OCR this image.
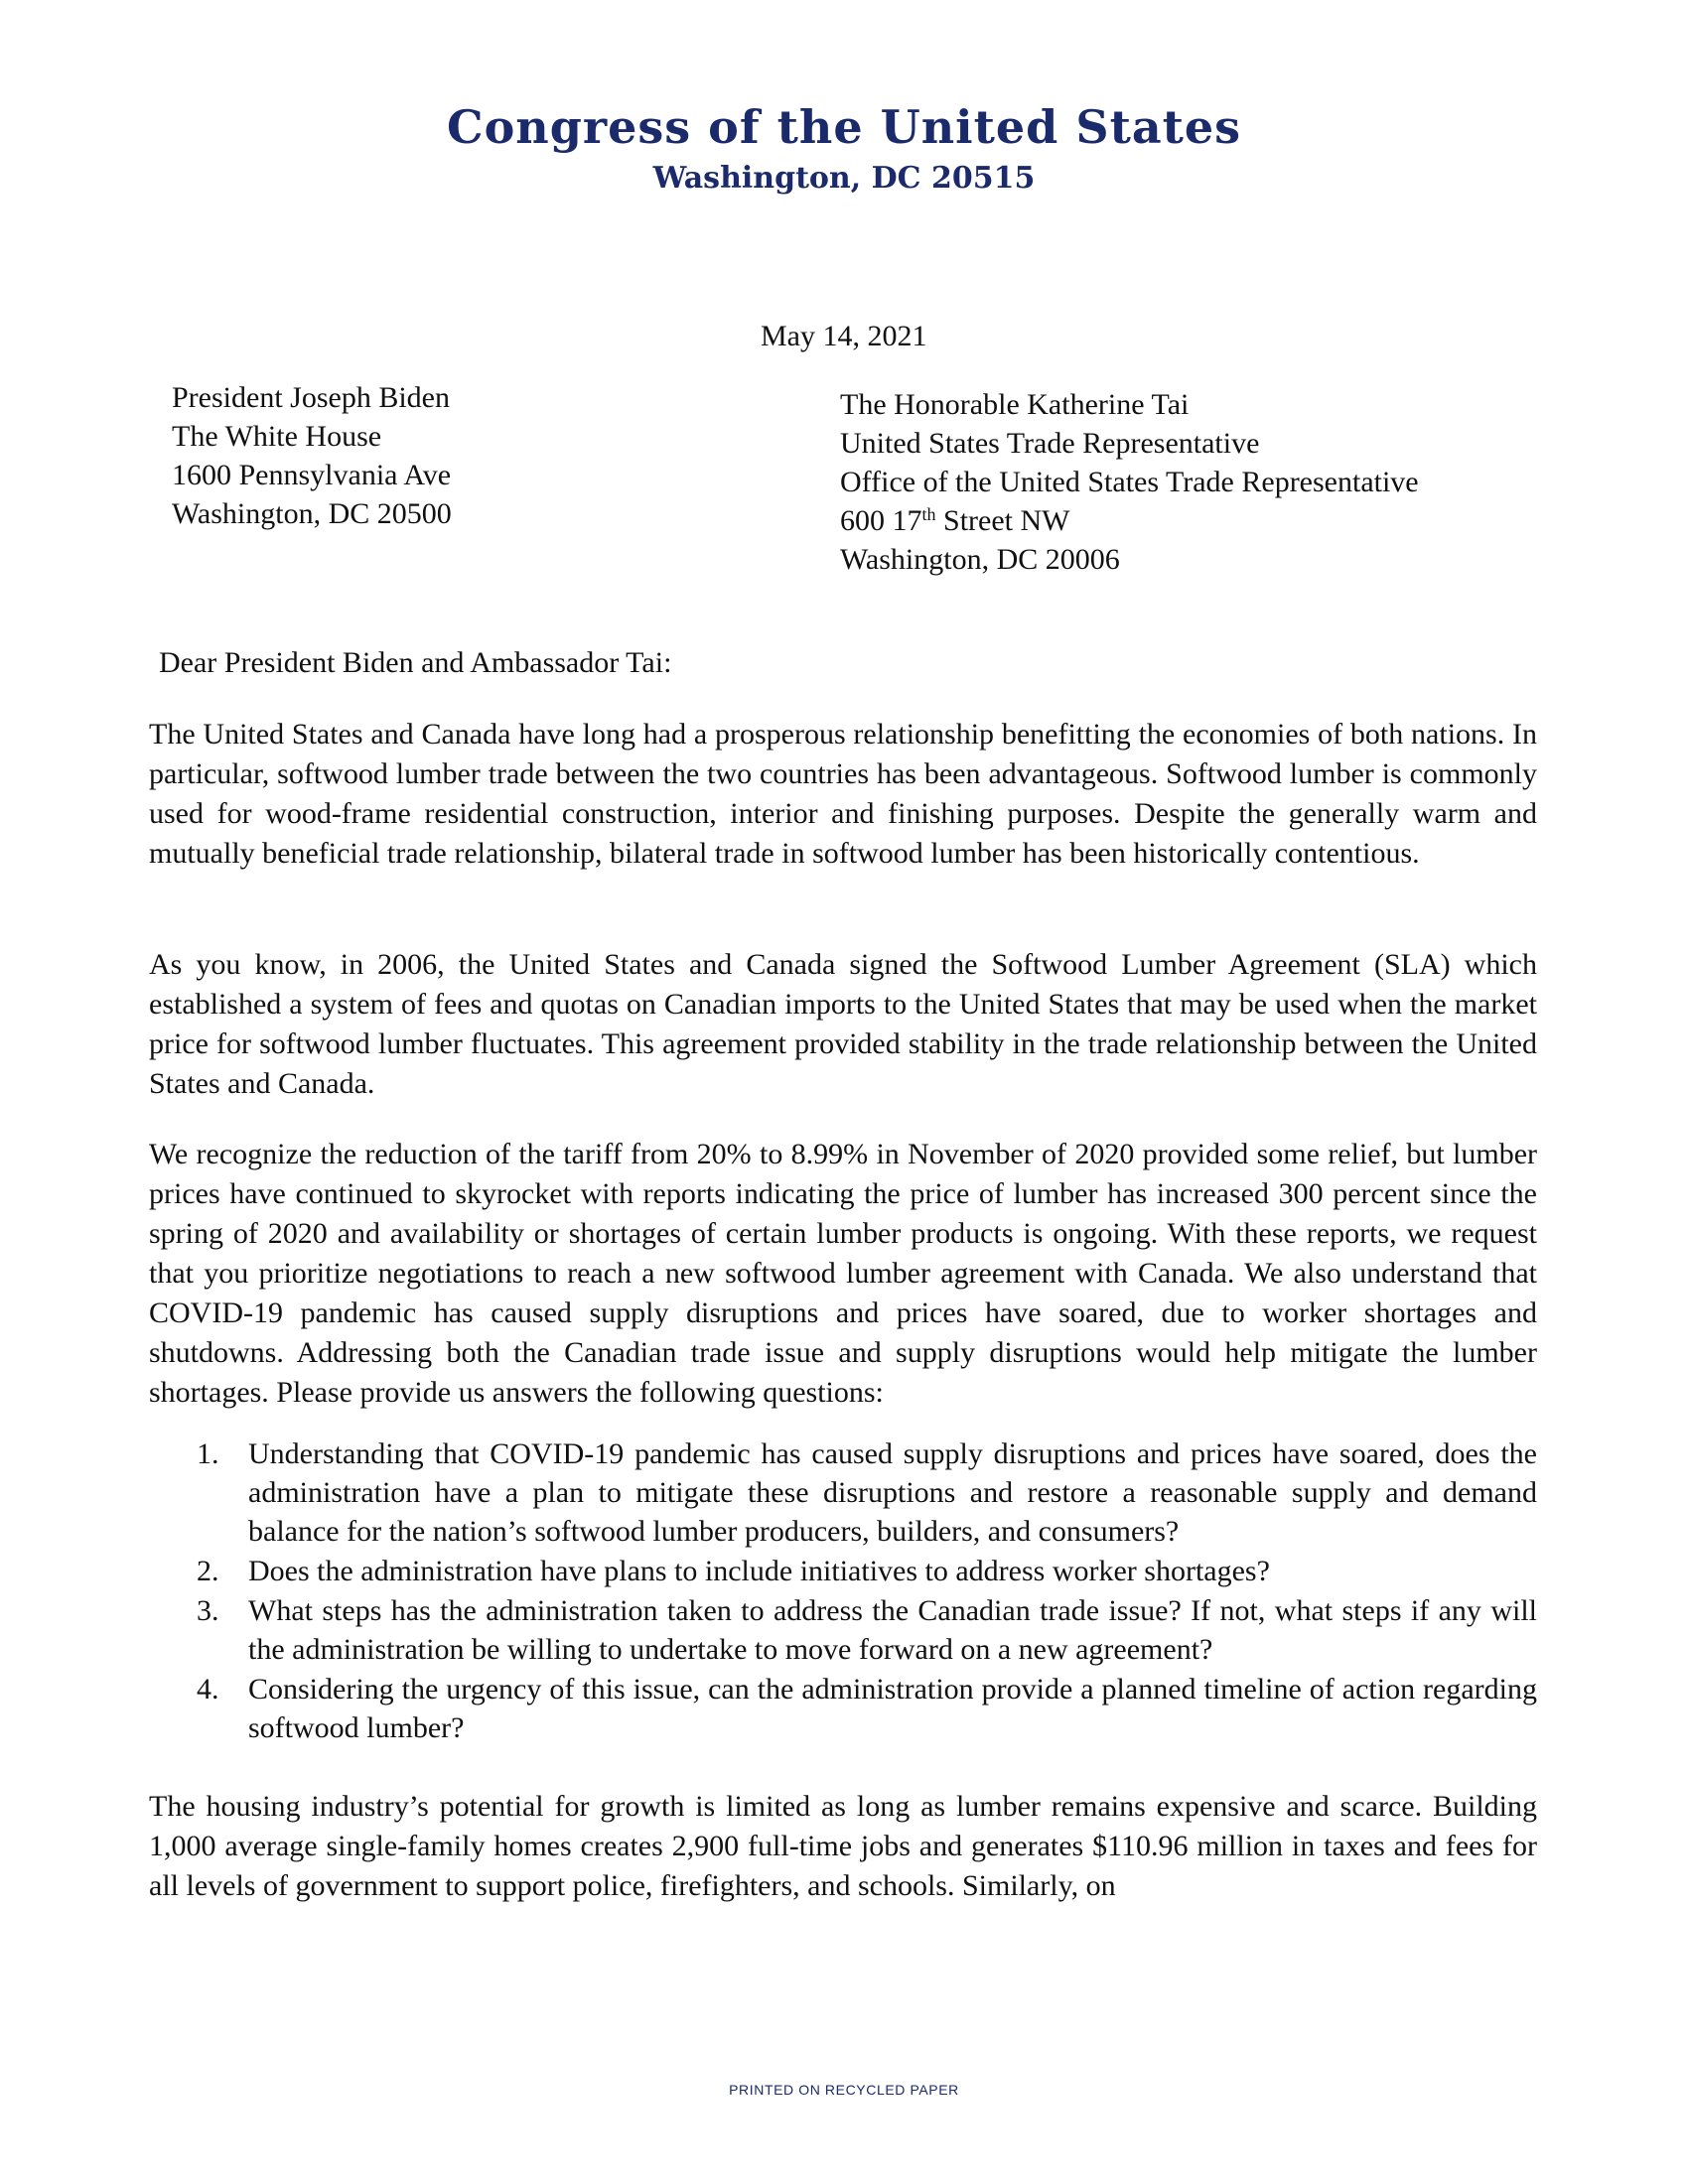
Congress of the United States
Washington, DC 20515
May 14, 2021
President Joseph Biden
The White House
1600 Pennsylvania Ave
Washington, DC 20500
The Honorable Katherine Tai
United States Trade Representative
Office of the United States Trade Representative
600 17th Street NW
Washington, DC 20006
Dear President Biden and Ambassador Tai:

The United States and Canada have long had a prosperous relationship benefitting the economies of both nations. In particular, softwood lumber trade between the two countries has been advantageous. Softwood lumber is commonly used for wood-frame residential construction, interior and finishing purposes. Despite the generally warm and mutually beneficial trade relationship, bilateral trade in softwood lumber has been historically contentious.

As you know, in 2006, the United States and Canada signed the Softwood Lumber Agreement (SLA) which established a system of fees and quotas on Canadian imports to the United States that may be used when the market price for softwood lumber fluctuates. This agreement provided stability in the trade relationship between the United States and Canada.

We recognize the reduction of the tariff from 20% to 8.99% in November of 2020 provided some relief, but lumber prices have continued to skyrocket with reports indicating the price of lumber has increased 300 percent since the spring of 2020 and availability or shortages of certain lumber products is ongoing. With these reports, we request that you prioritize negotiations to reach a new softwood lumber agreement with Canada. We also understand that COVID-19 pandemic has caused supply disruptions and prices have soared, due to worker shortages and shutdowns. Addressing both the Canadian trade issue and supply disruptions would help mitigate the lumber shortages. Please provide us answers the following questions:

1. Understanding that COVID-19 pandemic has caused supply disruptions and prices have soared, does the administration have a plan to mitigate these disruptions and restore a reasonable supply and demand balance for the nation’s softwood lumber producers, builders, and consumers?
2. Does the administration have plans to include initiatives to address worker shortages?
3. What steps has the administration taken to address the Canadian trade issue? If not, what steps if any will the administration be willing to undertake to move forward on a new agreement?
4. Considering the urgency of this issue, can the administration provide a planned timeline of action regarding softwood lumber?

The housing industry’s potential for growth is limited as long as lumber remains expensive and scarce. Building 1,000 average single-family homes creates 2,900 full-time jobs and generates $110.96 million in taxes and fees for all levels of government to support police, firefighters, and schools. Similarly, on

PRINTED ON RECYCLED PAPER
